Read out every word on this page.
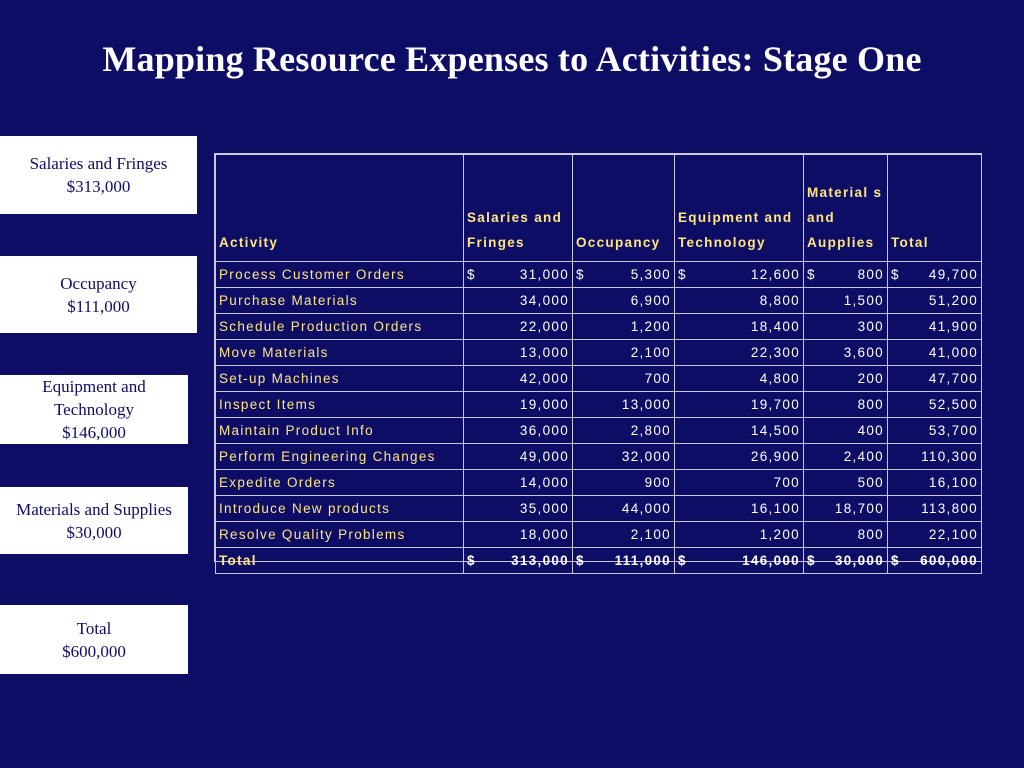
Mapping Resource Expenses to Activities: Stage One
Salaries and Fringes
$313,000
Occupancy
$111,000
Equipment and
Technology
$146,000
Materials and Supplies
$30,000
Total
$600,000
Activity	Salaries and Fringes	Occupancy	Equipment and Technology	Material s and Aupplies	Total
Process Customer Orders	$ 31,000	$ 5,300	$ 12,600	$ 800	$ 49,700

Purchase Materials	34,000	6,900	8,800	1,500	51,200
Schedule Production Orders	22,000	1,200	18,400	300	41,900
Move Materials	13,000	2,100	22,300	3,600	41,000
Set-up Machines	42,000	700	4,800	200	47,700
Inspect Items	19,000	13,000	19,700	800	52,500
Maintain Product Info	36,000	2,800	14,500	400	53,700
Perform Engineering Changes	49,000	32,000	26,900	2,400	110,300
Expedite Orders	14,000	900	700	500	16,100
Introduce New products	35,000	44,000	16,100	18,700	113,800
Resolve Quality Problems	18,000	2,100	1,200	800	22,100
Total	$ 313,000	$ 111,000	$ 146,000	$ 30,000	$ 600,000
